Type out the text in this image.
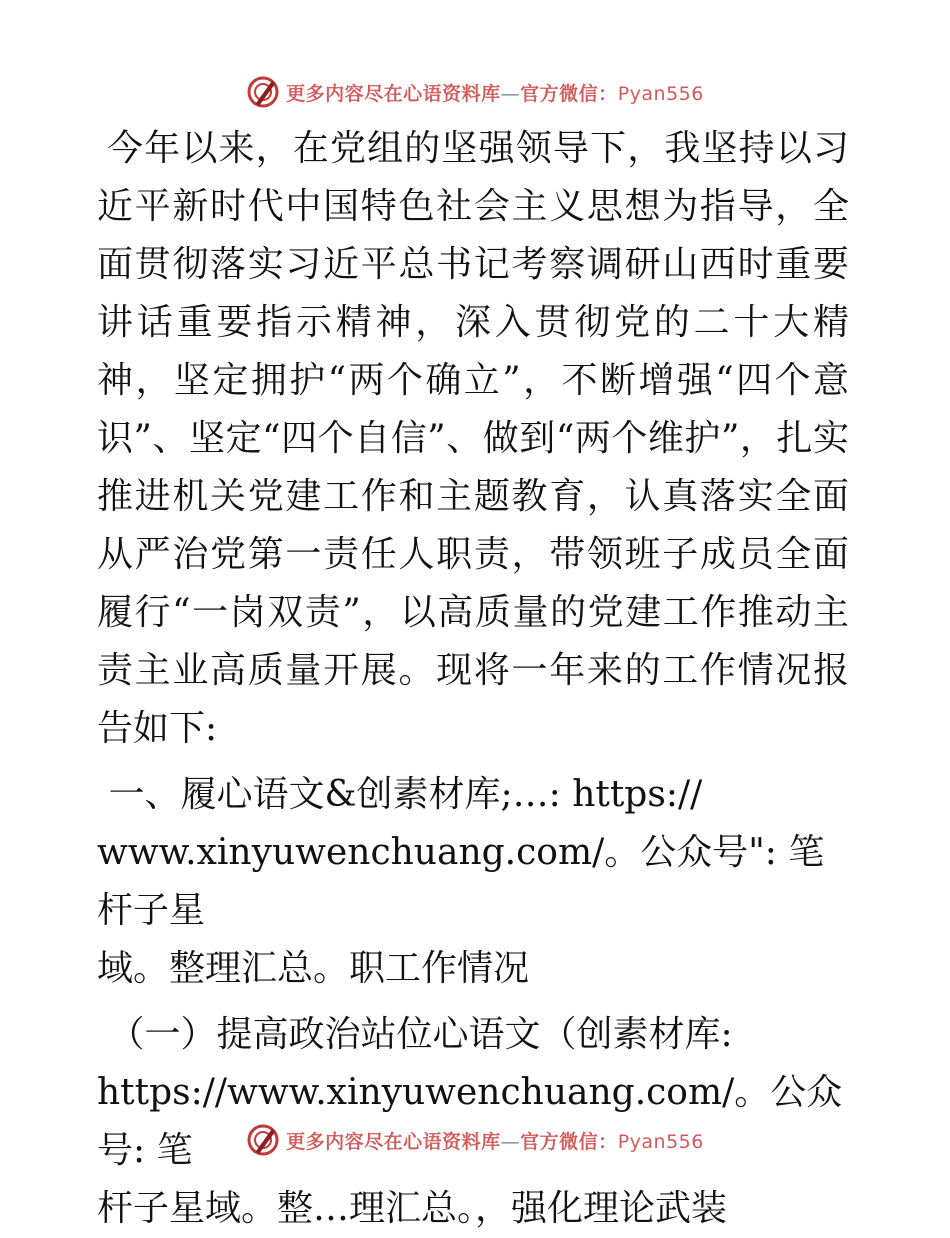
更多内容尽在心语资料库—官方微信：Pyan556

今年以来，在党组的坚强领导下，我坚持以习近平新时代中国特色社会主义思想为指导，全面贯彻落实习近平总书记考察调研山西时重要讲话重要指示精神，深入贯彻党的二十大精神，坚定拥护“两个确立”，不断增强“四个意识”、坚定“四个自信”、做到“两个维护”，扎实推进机关党建工作和主题教育，认真落实全面从严治党第一责任人职责，带领班子成员全面履行“一岗双责”，以高质量的党建工作推动主责主业高质量开展。现将一年来的工作情况报告如下:

一、履心语文&创素材库;…: https://
www.xinyuwenchuang.com/。公众号": 笔杆子星
域。整理汇总。职工作情况
（一）提高政治站位心语文（创素材库:
https://www.xinyuwenchuang.com/。公众号: 笔
杆子星域。整…理汇总。，强化理论武装
更多内容尽在心语资料库—官方微信：Pyan556
